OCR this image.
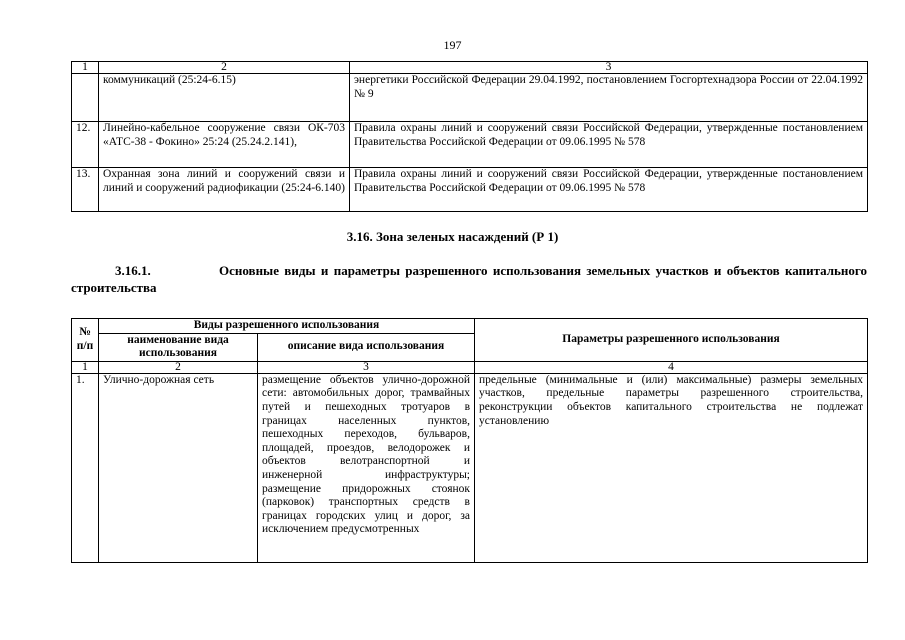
197
1	2	3
	коммуникаций (25:24-6.15)	энергетики Российской Федерации 29.04.1992, постановлением Госгортехнадзора России от 22.04.1992 № 9
12.	Линейно-кабельное сооружение связи ОК-703 «АТС-38 - Фокино» 25:24 (25.24.2.141),	Правила охраны линий и сооружений связи Российской Федерации, утвержденные постановлением Правительства Российской Федерации от 09.06.1995 № 578
13.	Охранная зона линий и сооружений связи и линий и сооружений радиофикации (25:24-6.140)	Правила охраны линий и сооружений связи Российской Федерации, утвержденные постановлением Правительства Российской Федерации от 09.06.1995 № 578
3.16. Зона зеленых насаждений (Р 1)
3.16.1.	Основные виды и параметры разрешенного использования земельных участков и объектов капитального строительства
№ п/п	Виды разрешенного использования		Параметры разрешенного использования
	наименование вида использования	описание вида использования	
1	2	3	4
1.	Улично-дорожная сеть	размещение объектов улично-дорожной сети: автомобильных дорог, трамвайных путей и пешеходных тротуаров в границах населенных пунктов, пешеходных переходов, бульваров, площадей, проездов, велодорожек и объектов велотранспортной и инженерной инфраструктуры; размещение придорожных стоянок (парковок) транспортных средств в границах городских улиц и дорог, за исключением предусмотренных	предельные (минимальные и (или) максимальные) размеры земельных участков, предельные параметры разрешенного строительства, реконструкции объектов капитального строительства не подлежат установлению
